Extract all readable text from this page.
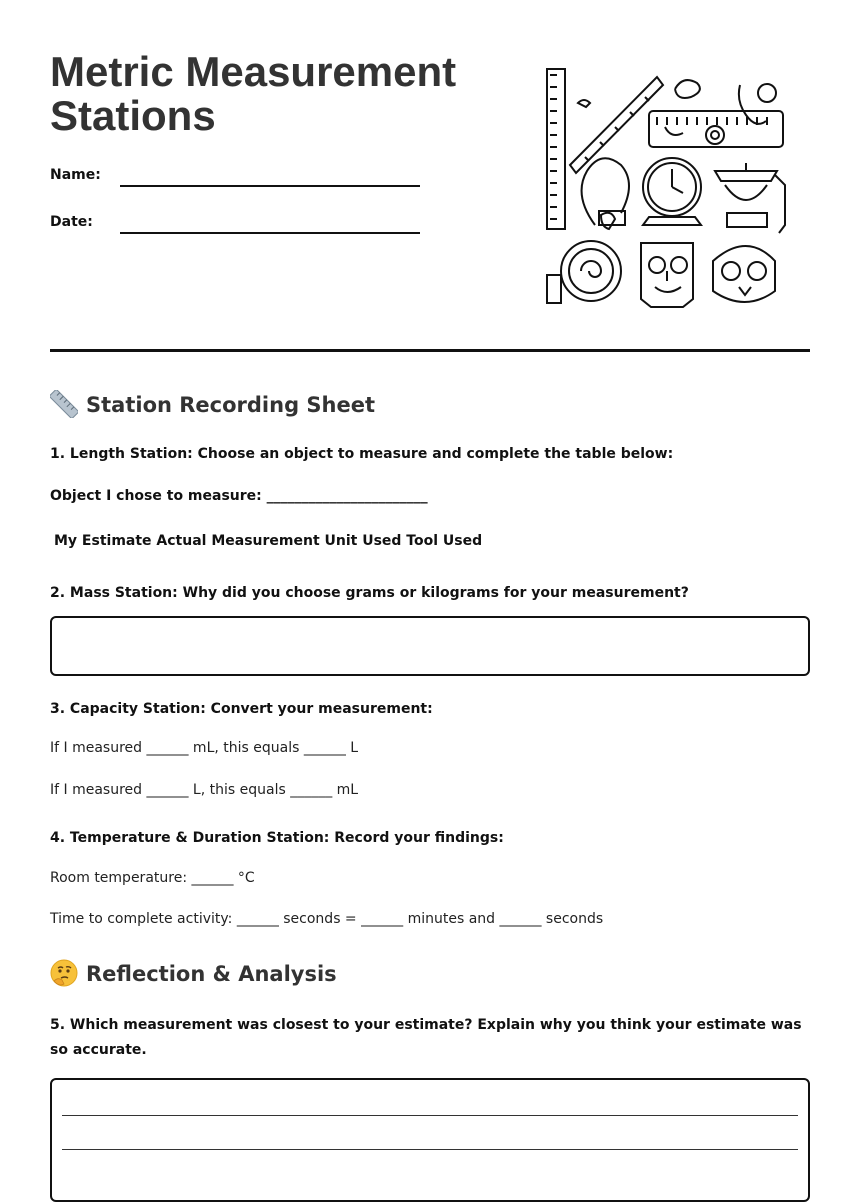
Metric Measurement
Stations
Name:
Date:
Station Recording Sheet

1. Length Station: Choose an object to measure and complete the table below:

Object I chose to measure: _______________________

My Estimate Actual Measurement Unit Used Tool Used

2. Mass Station: Why did you choose grams or kilograms for your measurement?

3. Capacity Station: Convert your measurement:

If I measured ______ mL, this equals ______ L

If I measured ______ L, this equals ______ mL

4. Temperature & Duration Station: Record your findings:

Room temperature: ______ °C

Time to complete activity: ______ seconds = ______ minutes and ______ seconds

Reflection & Analysis

5. Which measurement was closest to your estimate? Explain why you think your estimate was so accurate.
